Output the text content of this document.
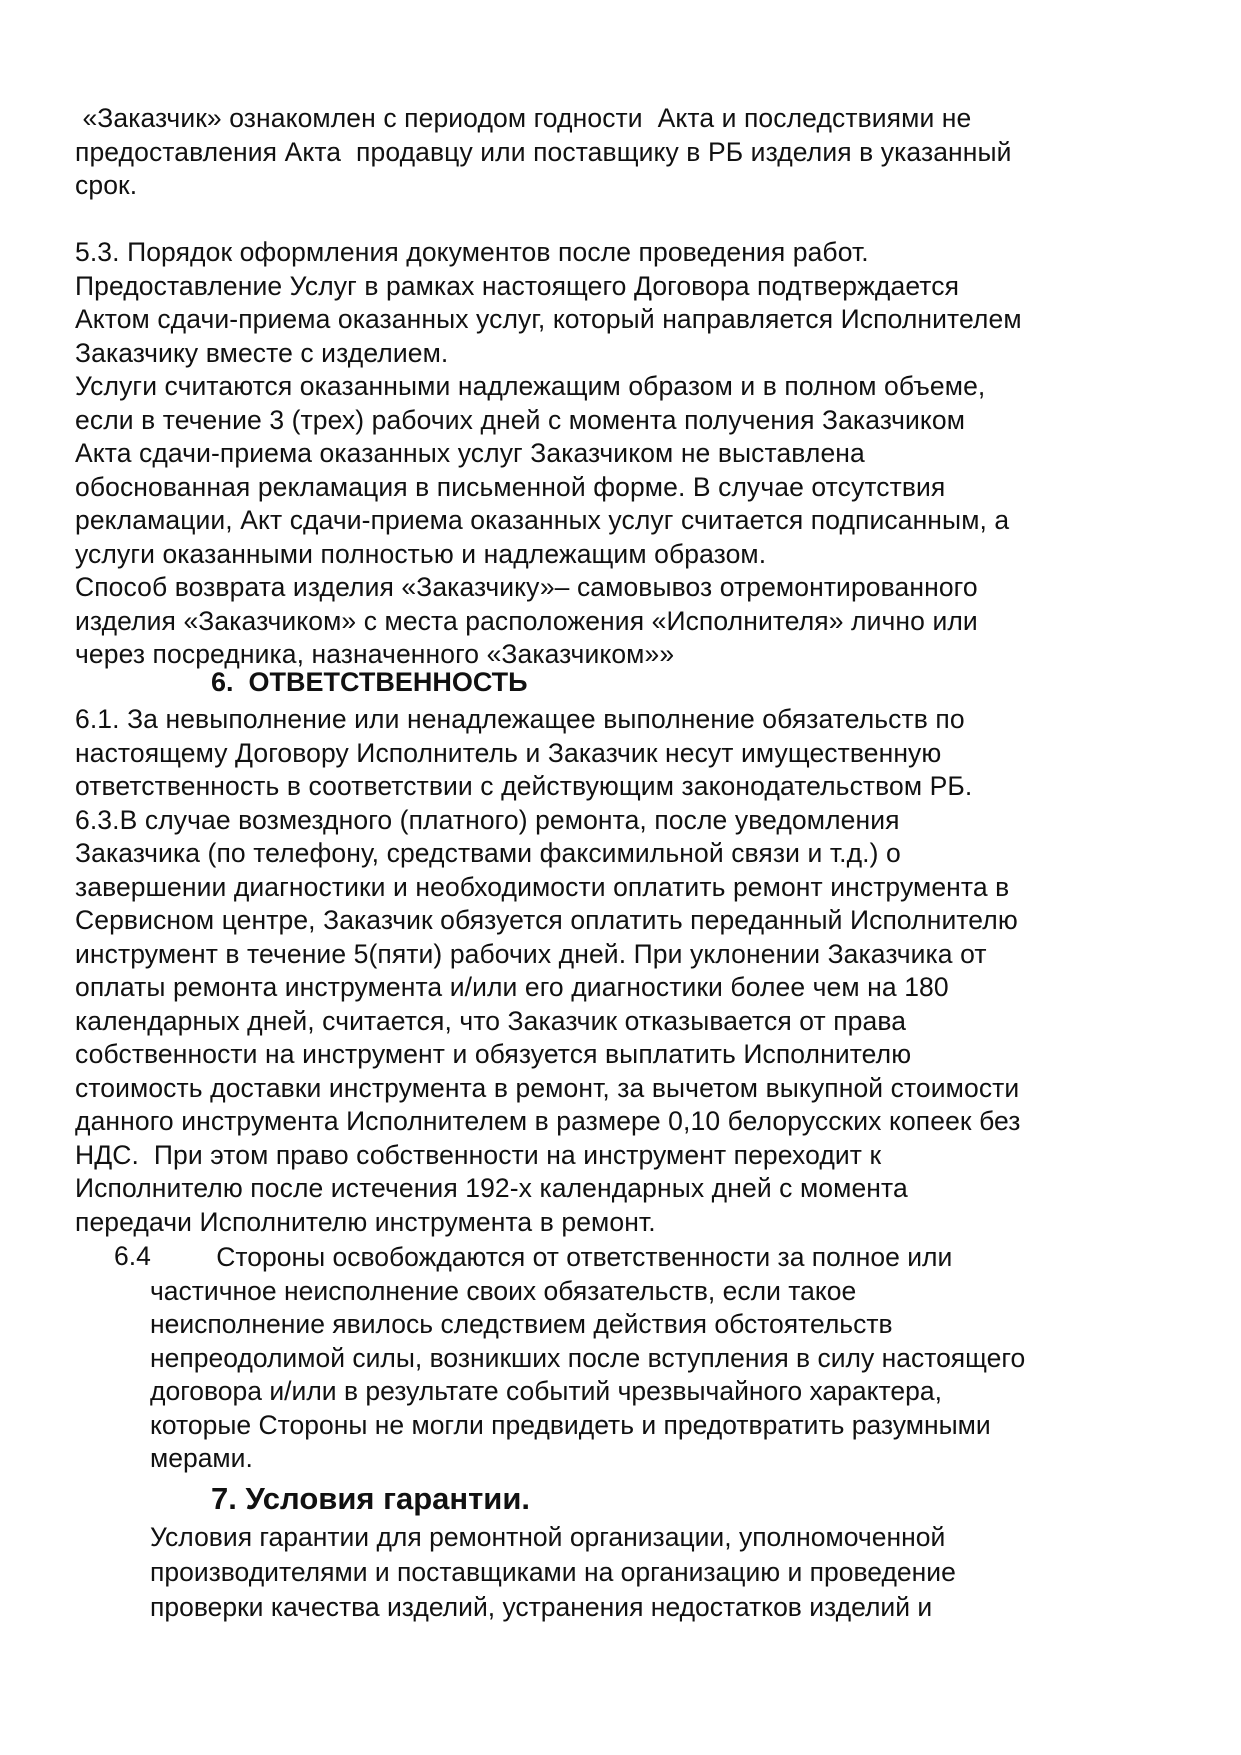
«Заказчик» ознакомлен с периодом годности  Акта и последствиями не

предоставления Акта  продавцу или поставщику в РБ изделия в указанный

срок.

5.3. Порядок оформления документов после проведения работ.

Предоставление Услуг в рамках настоящего Договора подтверждается

Актом сдачи-приема оказанных услуг, который направляется Исполнителем

Заказчику вместе с изделием.

Услуги считаются оказанными надлежащим образом и в полном объеме,

если в течение 3 (трех) рабочих дней с момента получения Заказчиком

Акта сдачи-приема оказанных услуг Заказчиком не выставлена

обоснованная рекламация в письменной форме. В случае отсутствия

рекламации, Акт сдачи-приема оказанных услуг считается подписанным, а

услуги оказанными полностью и надлежащим образом.

Способ возврата изделия «Заказчику»– самовывоз отремонтированного

изделия «Заказчиком» с места расположения «Исполнителя» лично или

через посредника, назначенного «Заказчиком»»

6.  ОТВЕТСТВЕННОСТЬ

6.1. За невыполнение или ненадлежащее выполнение обязательств по

настоящему Договору Исполнитель и Заказчик несут имущественную

ответственность в соответствии с действующим законодательством РБ.

6.3.В случае возмездного (платного) ремонта, после уведомления

Заказчика (по телефону, средствами факсимильной связи и т.д.) о

завершении диагностики и необходимости оплатить ремонт инструмента в

Сервисном центре, Заказчик обязуется оплатить переданный Исполнителю

инструмент в течение 5(пяти) рабочих дней. При уклонении Заказчика от

оплаты ремонта инструмента и/или его диагностики более чем на 180

календарных дней, считается, что Заказчик отказывается от права

собственности на инструмент и обязуется выплатить Исполнителю

стоимость доставки инструмента в ремонт, за вычетом выкупной стоимости

данного инструмента Исполнителем в размере 0,10 белорусских копеек без

НДС.  При этом право собственности на инструмент переходит к

Исполнителю после истечения 192-х календарных дней с момента

передачи Исполнителю инструмента в ремонт.

6.4 Стороны освобождаются от ответственности за полное или

частичное неисполнение своих обязательств, если такое

неисполнение явилось следствием действия обстоятельств

непреодолимой силы, возникших после вступления в силу настоящего

договора и/или в результате событий чрезвычайного характера,

которые Стороны не могли предвидеть и предотвратить разумными

мерами.

7. Условия гарантии.

Условия гарантии для ремонтной организации, уполномоченной

производителями и поставщиками на организацию и проведение

проверки качества изделий, устранения недостатков изделий и
